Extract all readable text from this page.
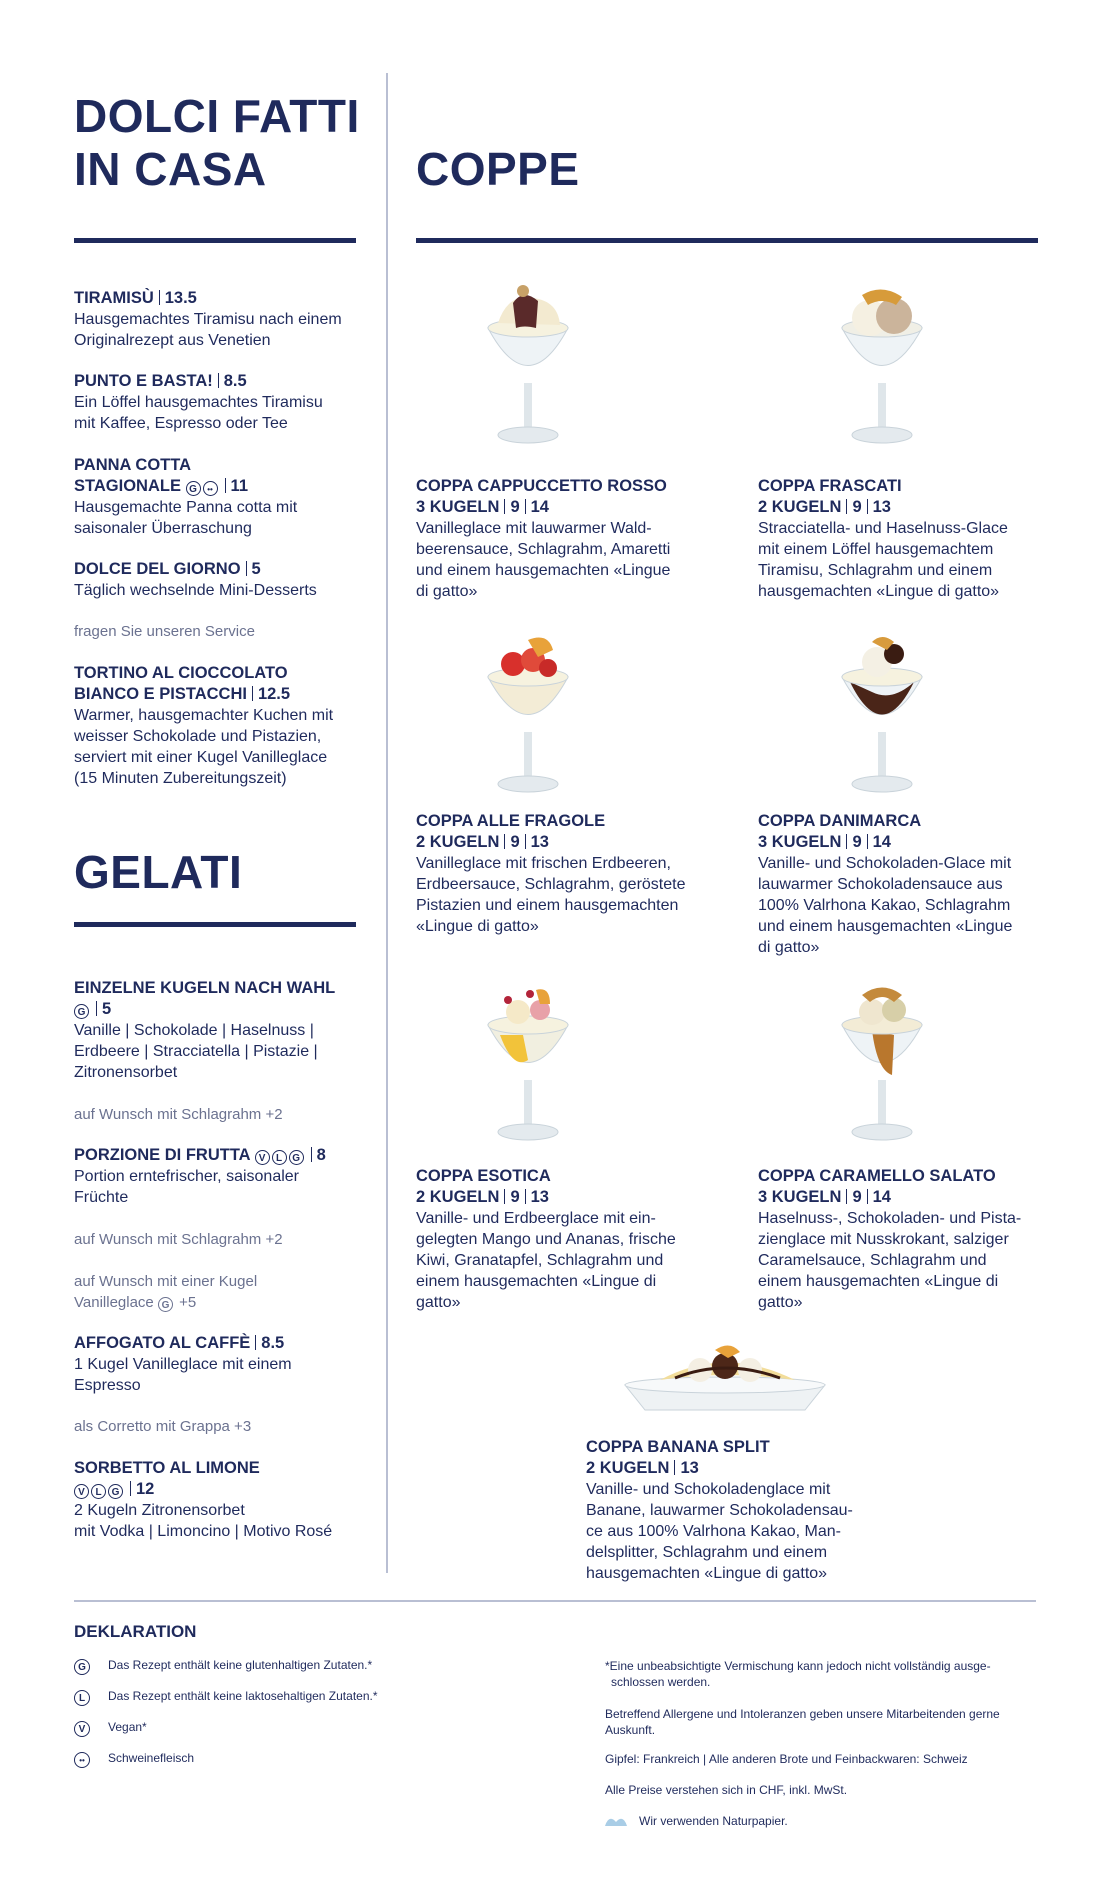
DOLCI FATTI
IN CASA
TIRAMISÙ 13.5
Hausgemachtes Tiramisu nach einem
Originalrezept aus Venetien
PUNTO E BASTA! 8.5
Ein Löffel hausgemachtes Tiramisu
mit Kaffee, Espresso oder Tee
PANNA COTTA
STAGIONALE G •• 11
Hausgemachte Panna cotta mit
saisonaler Überraschung
DOLCE DEL GIORNO 5
Täglich wechselnde Mini-Desserts
fragen Sie unseren Service
TORTINO AL CIOCCOLATO
BIANCO E PISTACCHI 12.5
Warmer, hausgemachter Kuchen mit
weisser Schokolade und Pistazien,
serviert mit einer Kugel Vanilleglace
(15 Minuten Zubereitungszeit)
GELATI
EINZELNE KUGELN NACH WAHL
G 5
Vanille | Schokolade | Haselnuss |
Erdbeere | Stracciatella | Pistazie |
Zitronensorbet
auf Wunsch mit Schlagrahm +2
PORZIONE DI FRUTTA V L G 8
Portion erntefrischer, saisonaler
Früchte
auf Wunsch mit Schlagrahm +2
auf Wunsch mit einer Kugel
Vanilleglace G +5
AFFOGATO AL CAFFÈ 8.5
1 Kugel Vanilleglace mit einem
Espresso
als Corretto mit Grappa +3
SORBETTO AL LIMONE
V L G 12
2 Kugeln Zitronensorbet
mit Vodka | Limoncino | Motivo Rosé
COPPE
COPPA CAPPUCCETTO ROSSO
3 KUGELN 9 14
Vanilleglace mit lauwarmer Wald-
beerensauce, Schlagrahm, Amaretti
und einem hausgemachten «Lingue
di gatto»
COPPA FRASCATI
2 KUGELN 9 13
Stracciatella- und Haselnuss-Glace
mit einem Löffel hausgemachtem
Tiramisu, Schlagrahm und einem
hausgemachten «Lingue di gatto»
COPPA ALLE FRAGOLE
2 KUGELN 9 13
Vanilleglace mit frischen Erdbeeren,
Erdbeersauce, Schlagrahm, geröstete
Pistazien und einem hausgemachten
«Lingue di gatto»
COPPA DANIMARCA
3 KUGELN 9 14
Vanille- und Schokoladen-Glace mit
lauwarmer Schokoladensauce aus
100% Valrhona Kakao, Schlagrahm
und einem hausgemachten «Lingue
di gatto»
COPPA ESOTICA
2 KUGELN 9 13
Vanille- und Erdbeerglace mit ein-
gelegten Mango und Ananas, frische
Kiwi, Granatapfel, Schlagrahm und
einem hausgemachten «Lingue di
gatto»
COPPA CARAMELLO SALATO
3 KUGELN 9 14
Haselnuss-, Schokoladen- und Pista-
zienglace mit Nusskrokant, salziger
Caramelsauce, Schlagrahm und
einem hausgemachten «Lingue di
gatto»
COPPA BANANA SPLIT
2 KUGELN 13
Vanille- und Schokoladenglace mit
Banane, lauwarmer Schokoladensau-
ce aus 100% Valrhona Kakao, Man-
delsplitter, Schlagrahm und einem
hausgemachten «Lingue di gatto»
DEKLARATION
G Das Rezept enthält keine glutenhaltigen Zutaten.*
L Das Rezept enthält keine laktosehaltigen Zutaten.*
V Vegan*
•• Schweinefleisch
*Eine unbeabsichtigte Vermischung kann jedoch nicht vollständig ausge-
schlossen werden.
Betreffend Allergene und Intoleranzen geben unsere Mitarbeitenden gerne
Auskunft.
Gipfel: Frankreich | Alle anderen Brote und Feinbackwaren: Schweiz
Alle Preise verstehen sich in CHF, inkl. MwSt.
Wir verwenden Naturpapier.
